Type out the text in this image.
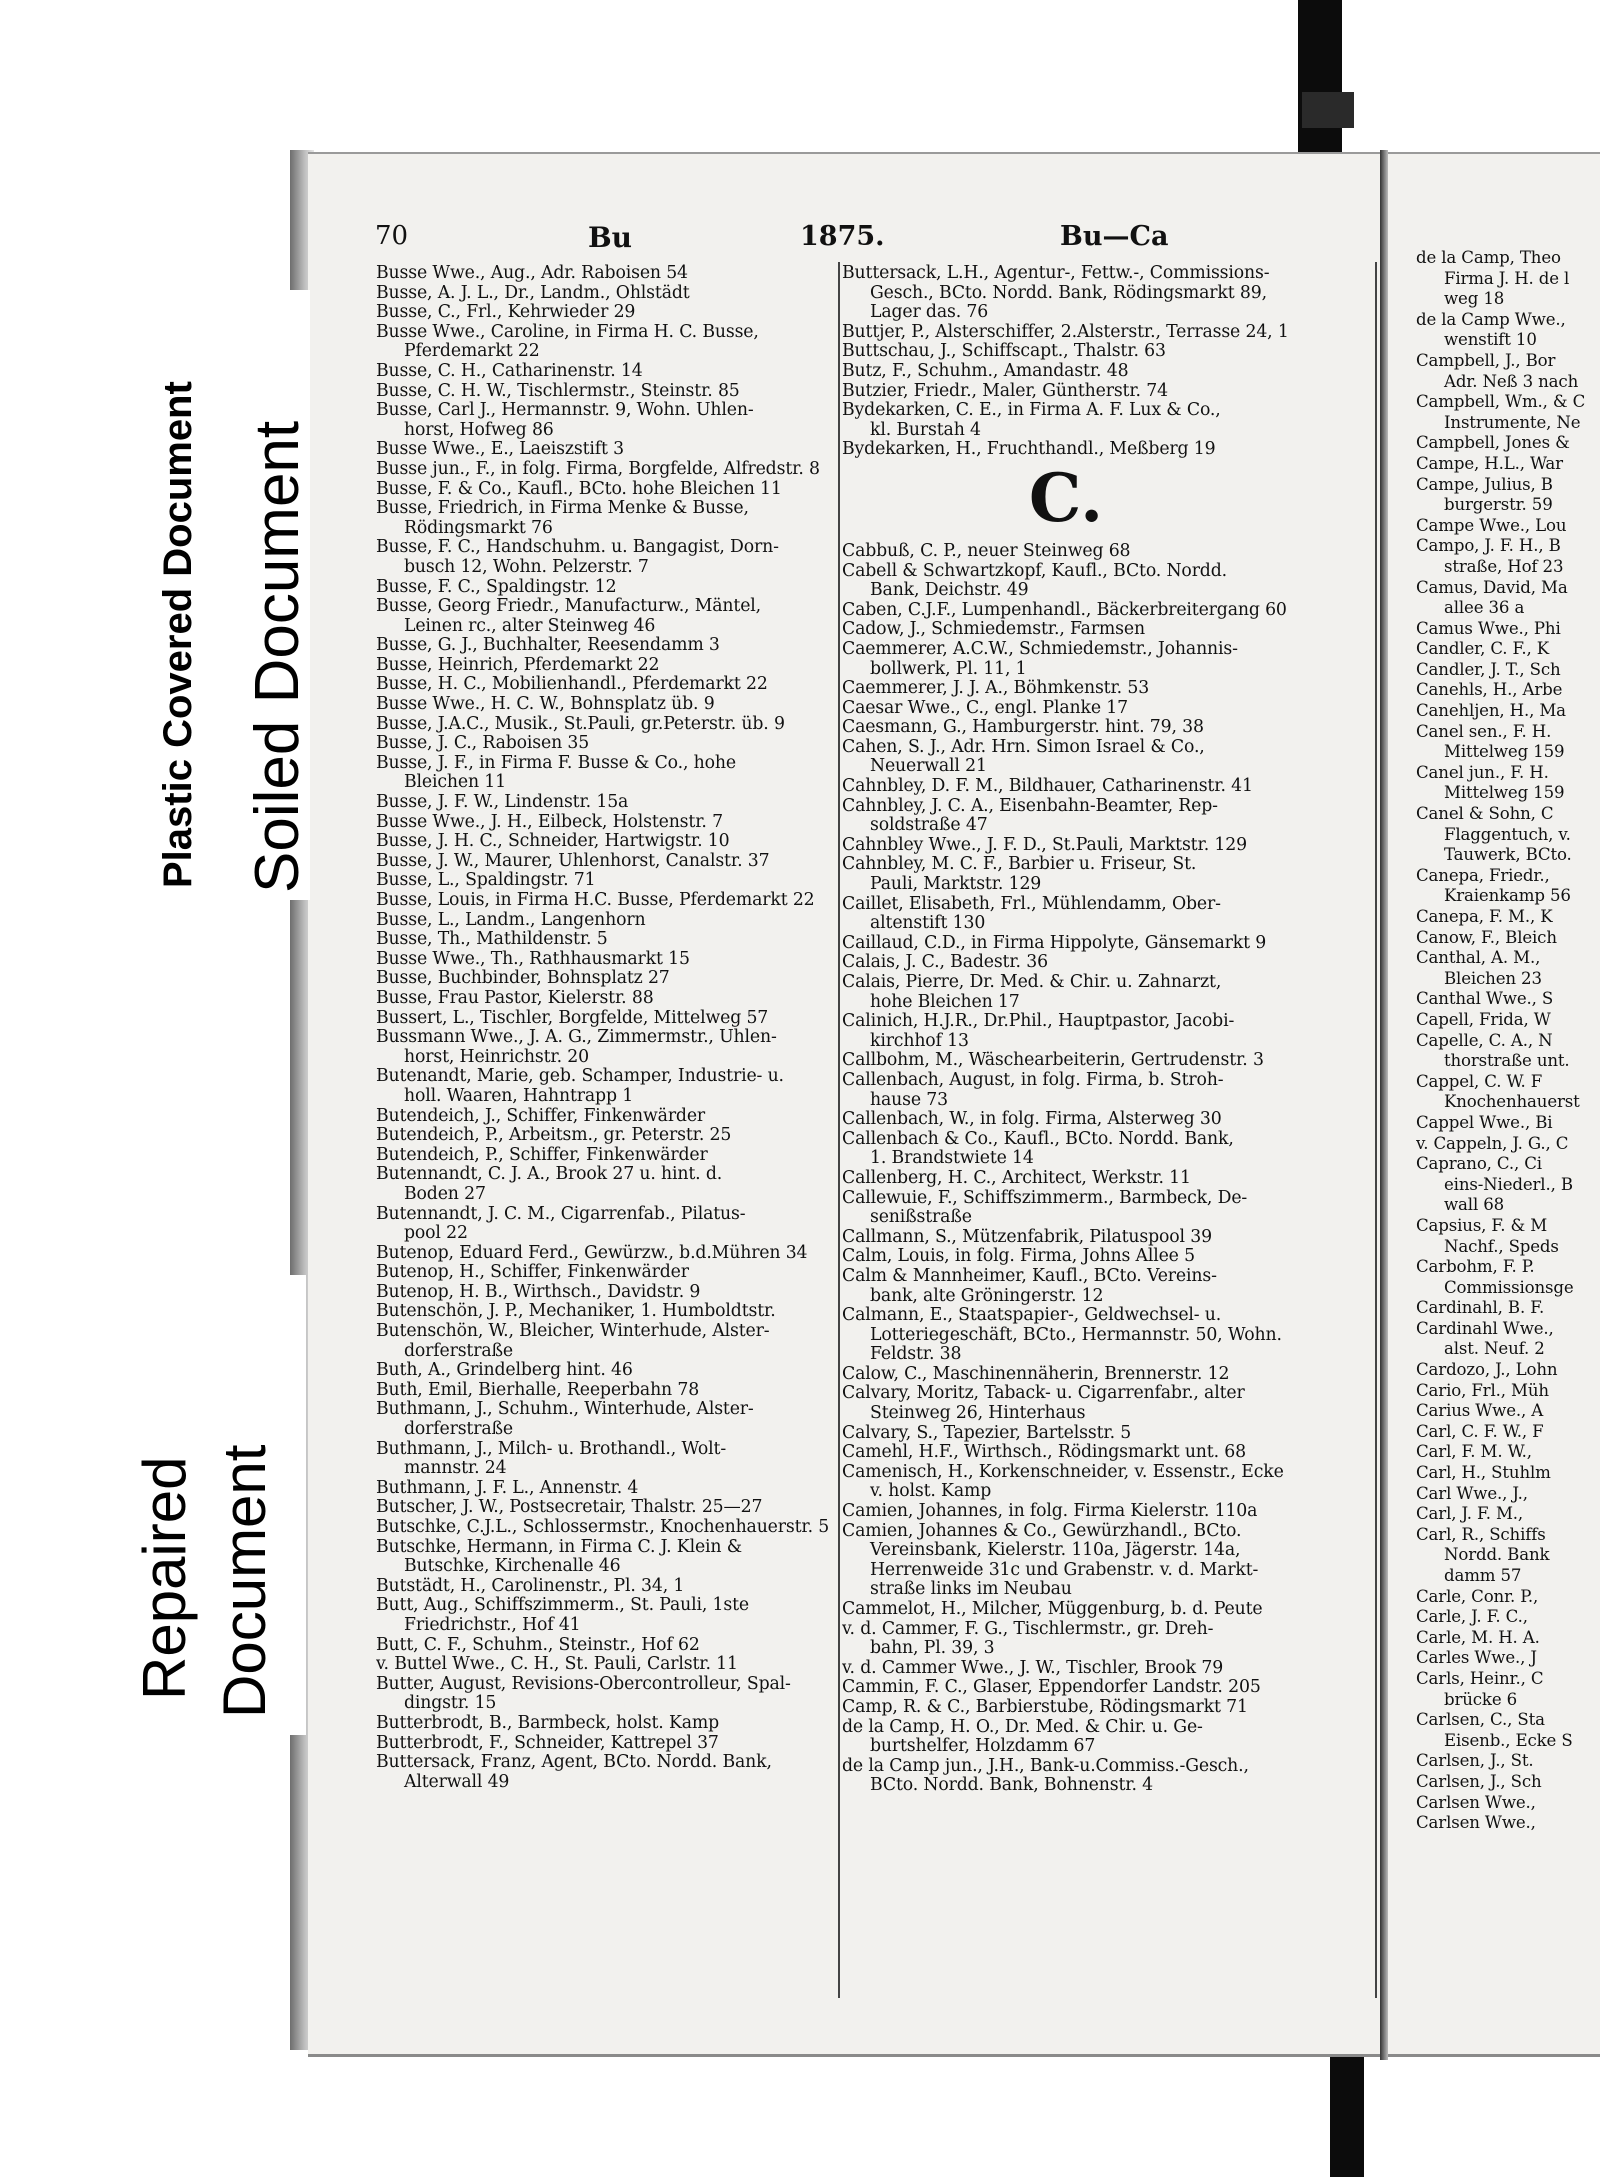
70	Bu	1875.	Bu—Ca
Busse Wwe., Aug., Adr. Raboisen 54
Busse, A. J. L., Dr., Landm., Ohlstädt
Busse, C., Frl., Kehrwieder 29
Busse Wwe., Caroline, in Firma H. C. Busse,
Pferdemarkt 22
Busse, C. H., Catharinenstr. 14
Busse, C. H. W., Tischlermstr., Steinstr. 85
Busse, Carl J., Hermannstr. 9, Wohn. Uhlen-
horst, Hofweg 86
Busse Wwe., E., Laeiszstift 3
Busse jun., F., in folg. Firma, Borgfelde, Alfredstr. 8
Busse, F. & Co., Kaufl., BCto. hohe Bleichen 11
Busse, Friedrich, in Firma Menke & Busse,
Rödingsmarkt 76
Busse, F. C., Handschuhm. u. Bangagist, Dorn-
busch 12, Wohn. Pelzerstr. 7
Busse, F. C., Spaldingstr. 12
Busse, Georg Friedr., Manufacturw., Mäntel,
Leinen rc., alter Steinweg 46
Busse, G. J., Buchhalter, Reesendamm 3
Busse, Heinrich, Pferdemarkt 22
Busse, H. C., Mobilienhandl., Pferdemarkt 22
Busse Wwe., H. C. W., Bohnsplatz üb. 9
Busse, J.A.C., Musik., St.Pauli, gr.Peterstr. üb. 9
Busse, J. C., Raboisen 35
Busse, J. F., in Firma F. Busse & Co., hohe
Bleichen 11
Busse, J. F. W., Lindenstr. 15a
Busse Wwe., J. H., Eilbeck, Holstenstr. 7
Busse, J. H. C., Schneider, Hartwigstr. 10
Busse, J. W., Maurer, Uhlenhorst, Canalstr. 37
Busse, L., Spaldingstr. 71
Busse, Louis, in Firma H.C. Busse, Pferdemarkt 22
Busse, L., Landm., Langenhorn
Busse, Th., Mathildenstr. 5
Busse Wwe., Th., Rathhausmarkt 15
Busse, Buchbinder, Bohnsplatz 27
Busse, Frau Pastor, Kielerstr. 88
Bussert, L., Tischler, Borgfelde, Mittelweg 57
Bussmann Wwe., J. A. G., Zimmermstr., Uhlen-
horst, Heinrichstr. 20
Butenandt, Marie, geb. Schamper, Industrie- u.
holl. Waaren, Hahntrapp 1
Butendeich, J., Schiffer, Finkenwärder
Butendeich, P., Arbeitsm., gr. Peterstr. 25
Butendeich, P., Schiffer, Finkenwärder
Butennandt, C. J. A., Brook 27 u. hint. d.
Boden 27
Butennandt, J. C. M., Cigarrenfab., Pilatus-
pool 22
Butenop, Eduard Ferd., Gewürzw., b.d.Mühren 34
Butenop, H., Schiffer, Finkenwärder
Butenop, H. B., Wirthsch., Davidstr. 9
Butenschön, J. P., Mechaniker, 1. Humboldtstr.
Butenschön, W., Bleicher, Winterhude, Alster-
dorferstraße
Buth, A., Grindelberg hint. 46
Buth, Emil, Bierhalle, Reeperbahn 78
Buthmann, J., Schuhm., Winterhude, Alster-
dorferstraße
Buthmann, J., Milch- u. Brothandl., Wolt-
mannstr. 24
Buthmann, J. F. L., Annenstr. 4
Butscher, J. W., Postsecretair, Thalstr. 25—27
Butschke, C.J.L., Schlossermstr., Knochenhauerstr. 5
Butschke, Hermann, in Firma C. J. Klein &
Butschke, Kirchenalle 46
Butstädt, H., Carolinenstr., Pl. 34, 1
Butt, Aug., Schiffszimmerm., St. Pauli, 1ste
Friedrichstr., Hof 41
Butt, C. F., Schuhm., Steinstr., Hof 62
v. Buttel Wwe., C. H., St. Pauli, Carlstr. 11
Butter, August, Revisions-Obercontrolleur, Spal-
dingstr. 15
Butterbrodt, B., Barmbeck, holst. Kamp
Butterbrodt, F., Schneider, Kattrepel 37
Buttersack, Franz, Agent, BCto. Nordd. Bank,
Alterwall 49
Buttersack, L.H., Agentur-, Fettw.-, Commissions-
Gesch., BCto. Nordd. Bank, Rödingsmarkt 89,
Lager das. 76
Buttjer, P., Alsterschiffer, 2.Alsterstr., Terrasse 24, 1
Buttschau, J., Schiffscapt., Thalstr. 63
Butz, F., Schuhm., Amandastr. 48
Butzier, Friedr., Maler, Güntherstr. 74
Bydekarken, C. E., in Firma A. F. Lux & Co.,
kl. Burstah 4
Bydekarken, H., Fruchthandl., Meßberg 19
C.
Cabbuß, C. P., neuer Steinweg 68
Cabell & Schwartzkopf, Kaufl., BCto. Nordd.
Bank, Deichstr. 49
Caben, C.J.F., Lumpenhandl., Bäckerbreitergang 60
Cadow, J., Schmiedemstr., Farmsen
Caemmerer, A.C.W., Schmiedemstr., Johannis-
bollwerk, Pl. 11, 1
Caemmerer, J. J. A., Böhmkenstr. 53
Caesar Wwe., C., engl. Planke 17
Caesmann, G., Hamburgerstr. hint. 79, 38
Cahen, S. J., Adr. Hrn. Simon Israel & Co.,
Neuerwall 21
Cahnbley, D. F. M., Bildhauer, Catharinenstr. 41
Cahnbley, J. C. A., Eisenbahn-Beamter, Rep-
soldstraße 47
Cahnbley Wwe., J. F. D., St.Pauli, Marktstr. 129
Cahnbley, M. C. F., Barbier u. Friseur, St.
Pauli, Marktstr. 129
Caillet, Elisabeth, Frl., Mühlendamm, Ober-
altenstift 130
Caillaud, C.D., in Firma Hippolyte, Gänsemarkt 9
Calais, J. C., Badestr. 36
Calais, Pierre, Dr. Med. & Chir. u. Zahnarzt,
hohe Bleichen 17
Calinich, H.J.R., Dr.Phil., Hauptpastor, Jacobi-
kirchhof 13
Callbohm, M., Wäschearbeiterin, Gertrudenstr. 3
Callenbach, August, in folg. Firma, b. Stroh-
hause 73
Callenbach, W., in folg. Firma, Alsterweg 30
Callenbach & Co., Kaufl., BCto. Nordd. Bank,
1. Brandstwiete 14
Callenberg, H. C., Architect, Werkstr. 11
Callewuie, F., Schiffszimmerm., Barmbeck, De-
senißstraße
Callmann, S., Mützenfabrik, Pilatuspool 39
Calm, Louis, in folg. Firma, Johns Allee 5
Calm & Mannheimer, Kaufl., BCto. Vereins-
bank, alte Gröningerstr. 12
Calmann, E., Staatspapier-, Geldwechsel- u.
Lotteriegeschäft, BCto., Hermannstr. 50, Wohn.
Feldstr. 38
Calow, C., Maschinennäherin, Brennerstr. 12
Calvary, Moritz, Taback- u. Cigarrenfabr., alter
Steinweg 26, Hinterhaus
Calvary, S., Tapezier, Bartelsstr. 5
Camehl, H.F., Wirthsch., Rödingsmarkt unt. 68
Camenisch, H., Korkenschneider, v. Essenstr., Ecke
v. holst. Kamp
Camien, Johannes, in folg. Firma Kielerstr. 110a
Camien, Johannes & Co., Gewürzhandl., BCto.
Vereinsbank, Kielerstr. 110a, Jägerstr. 14a,
Herrenweide 31c und Grabenstr. v. d. Markt-
straße links im Neubau
Cammelot, H., Milcher, Müggenburg, b. d. Peute
v. d. Cammer, F. G., Tischlermstr., gr. Dreh-
bahn, Pl. 39, 3
v. d. Cammer Wwe., J. W., Tischler, Brook 79
Cammin, F. C., Glaser, Eppendorfer Landstr. 205
Camp, R. & C., Barbierstube, Rödingsmarkt 71
de la Camp, H. O., Dr. Med. & Chir. u. Ge-
burtshelfer, Holzdamm 67
de la Camp jun., J.H., Bank-u.Commiss.-Gesch.,
BCto. Nordd. Bank, Bohnenstr. 4
de la Camp, Theo
Firma J. H. de l
weg 18
de la Camp Wwe.,
wenstift 10
Campbell, J., Bor
Adr. Neß 3 nach
Campbell, Wm., & C
Instrumente, Ne
Campbell, Jones &
Campe, H.L., War
Campe, Julius, B
burgerstr. 59
Campe Wwe., Lou
Campo, J. F. H., B
straße, Hof 23
Camus, David, Ma
allee 36 a
Camus Wwe., Phi
Candler, C. F., K
Candler, J. T., Sch
Canehls, H., Arbe
Canehljen, H., Ma
Canel sen., F. H.
Mittelweg 159
Canel jun., F. H.
Mittelweg 159
Canel & Sohn, C
Flaggentuch, v.
Tauwerk, BCto.
Canepa, Friedr.,
Kraienkamp 56
Canepa, F. M., K
Canow, F., Bleich
Canthal, A. M.,
Bleichen 23
Canthal Wwe., S
Capell, Frida, W
Capelle, C. A., N
thorstraße unt.
Cappel, C. W. F
Knochenhauerst
Cappel Wwe., Bi
v. Cappeln, J. G., C
Caprano, C., Ci
eins-Niederl., B
wall 68
Capsius, F. & M
Nachf., Speds
Carbohm, F. P.
Commissionsge
Cardinahl, B. F.
Cardinahl Wwe.,
alst. Neuf. 2
Cardozo, J., Lohn
Cario, Frl., Müh
Carius Wwe., A
Carl, C. F. W., F
Carl, F. M. W.,
Carl, H., Stuhlm
Carl Wwe., J.,
Carl, J. F. M.,
Carl, R., Schiffs
Nordd. Bank
damm 57
Carle, Conr. P.,
Carle, J. F. C.,
Carle, M. H. A.
Carles Wwe., J
Carls, Heinr., C
brücke 6
Carlsen, C., Sta
Eisenb., Ecke S
Carlsen, J., St.
Carlsen, J., Sch
Carlsen Wwe.,
Carlsen Wwe.,
Plastic Covered Document Soiled Document
Repaired Document
